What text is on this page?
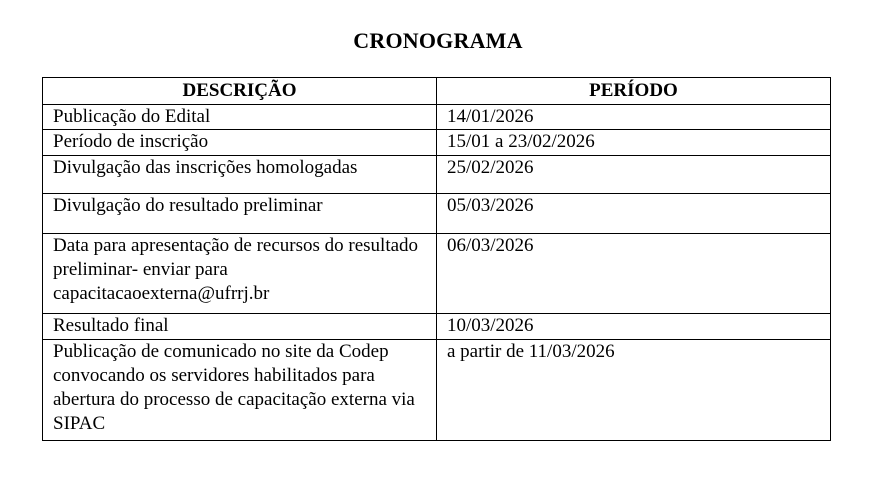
CRONOGRAMA
DESCRIÇÃO	PERÍODO
Publicação do Edital	14/01/2026
Período de inscrição	15/01 a 23/02/2026
Divulgação das inscrições homologadas	25/02/2026
Divulgação do resultado preliminar	05/03/2026
Data para apresentação de recursos do resultado preliminar- enviar para capacitacaoexterna@ufrrj.br	06/03/2026
Resultado final	10/03/2026
Publicação de comunicado no site da Codep convocando os servidores habilitados para abertura do processo de capacitação externa via SIPAC	a partir de 11/03/2026
